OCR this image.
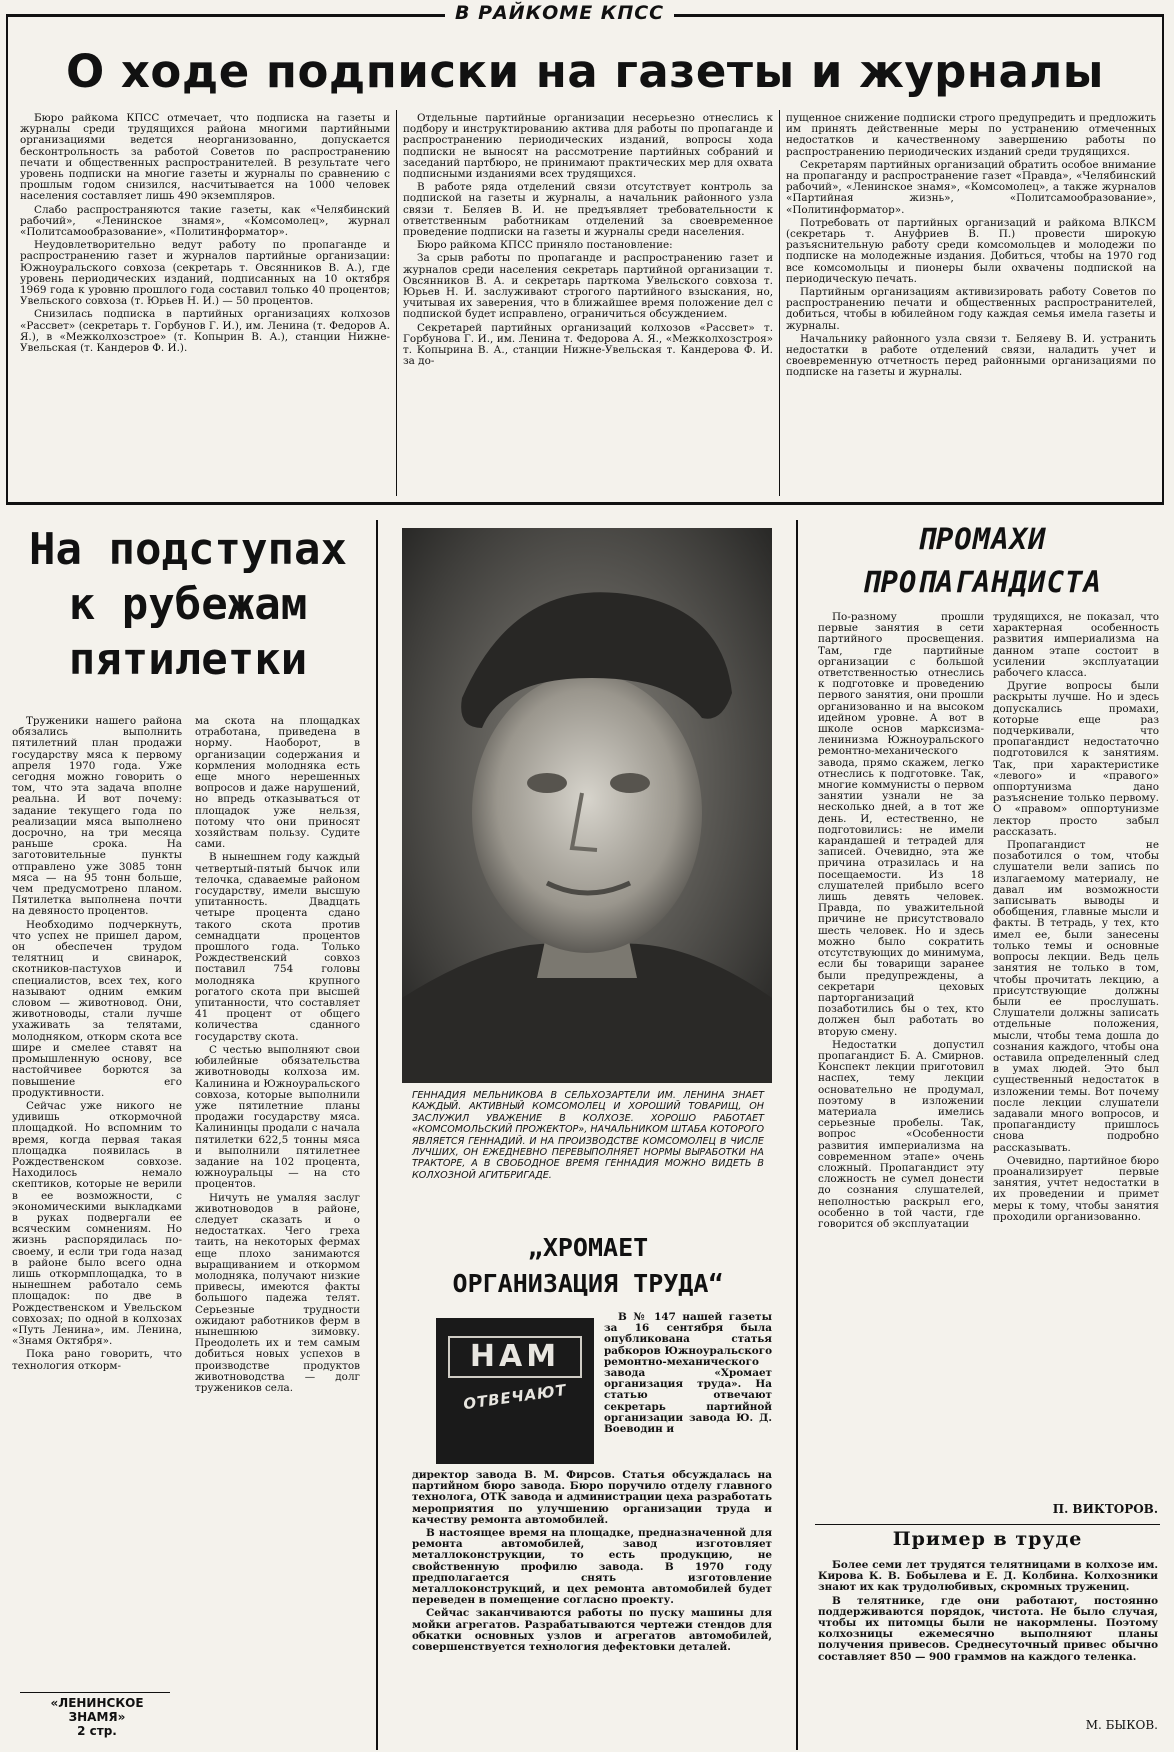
В РАЙКОМЕ КПСС
О ходе подписки на газеты и журналы

Бюро райкома КПСС отмечает, что подписка на газеты и журналы среди трудящихся района многими партийными организациями ведется неорганизованно, допускается бесконтрольность за работой Советов по распространению печати и общественных распространителей. В результате чего уровень подписки на многие газеты и журналы по сравнению с прошлым годом снизился, насчитывается на 1000 человек населения составляет лишь 490 экземпляров.

Слабо распространяются такие газеты, как «Челябинский рабочий», «Ленинское знамя», «Комсомолец», журнал «Политсамообразование», «Политинформатор».

Неудовлетворительно ведут работу по пропаганде и распространению газет и журналов партийные организации: Южноуральского совхоза (секретарь т. Овсянников В. А.), где уровень периодических изданий, подписанных на 10 октября 1969 года к уровню прошлого года составил только 40 процентов; Увельского совхоза (т. Юрьев Н. И.) — 50 процентов.

Снизилась подписка в партийных организациях колхозов «Рассвет» (секретарь т. Горбунов Г. И.), им. Ленина (т. Федоров А. Я.), в «Межколхозстрое» (т. Копырин В. А.), станции Нижне-Увельская (т. Кандеров Ф. И.).

Отдельные партийные организации несерьезно отнеслись к подбору и инструктированию актива для работы по пропаганде и распространению периодических изданий, вопросы хода подписки не выносят на рассмотрение партийных собраний и заседаний партбюро, не принимают практических мер для охвата подписными изданиями всех трудящихся.

В работе ряда отделений связи отсутствует контроль за подпиской на газеты и журналы, а начальник районного узла связи т. Беляев В. И. не предъявляет требовательности к ответственным работникам отделений за своевременное проведение подписки на газеты и журналы среди населения.

Бюро райкома КПСС приняло постановление:

За срыв работы по пропаганде и распространению газет и журналов среди населения секретарь партийной организации т. Овсянников В. А. и секретарь парткома Увельского совхоза т. Юрьев Н. И. заслуживают строгого партийного взыскания, но, учитывая их заверения, что в ближайшее время положение дел с подпиской будет исправлено, ограничиться обсуждением.

Секретарей партийных организаций колхозов «Рассвет» т. Горбунова Г. И., им. Ленина т. Федорова А. Я., «Межколхозстроя» т. Копырина В. А., станции Нижне-Увельская т. Кандерова Ф. И. за до-

пущенное снижение подписки строго предупредить и предложить им принять действенные меры по устранению отмеченных недостатков и качественному завершению работы по распространению периодических изданий среди трудящихся.

Секретарям партийных организаций обратить особое внимание на пропаганду и распространение газет «Правда», «Челябинский рабочий», «Ленинское знамя», «Комсомолец», а также журналов «Партийная жизнь», «Политсамообразование», «Политинформатор».

Потребовать от партийных организаций и райкома ВЛКСМ (секретарь т. Ануфриев В. П.) провести широкую разъяснительную работу среди комсомольцев и молодежи по подписке на молодежные издания. Добиться, чтобы на 1970 год все комсомольцы и пионеры были охвачены подпиской на периодическую печать.

Партийным организациям активизировать работу Советов по распространению печати и общественных распространителей, добиться, чтобы в юбилейном году каждая семья имела газеты и журналы.

Начальнику районного узла связи т. Беляеву В. И. устранить недостатки в работе отделений связи, наладить учет и своевременную отчетность перед районными организациями по подписке на газеты и журналы.

На подступах
к рубежам
пятилетки

Труженики нашего района обязались выполнить пятилетний план продажи государству мяса к первому апреля 1970 года. Уже сегодня можно говорить о том, что эта задача вполне реальна. И вот почему: задание текущего года по реализации мяса выполнено досрочно, на три месяца раньше срока. На заготовительные пункты отправлено уже 3085 тонн мяса — на 95 тонн больше, чем предусмотрено планом. Пятилетка выполнена почти на девяносто процентов.

Необходимо подчеркнуть, что успех не пришел даром, он обеспечен трудом телятниц и свинарок, скотников-пастухов и специалистов, всех тех, кого называют одним емким словом — животновод. Они, животноводы, стали лучше ухаживать за телятами, молодняком, откорм скота все шире и смелее ставят на промышленную основу, все настойчивее борются за повышение его продуктивности.

Сейчас уже никого не удивишь откормочной площадкой. Но вспомним то время, когда первая такая площадка появилась в Рождественском совхозе. Находилось немало скептиков, которые не верили в ее возможности, с экономическими выкладками в руках подвергали ее всяческим сомнениям. Но жизнь распорядилась по-своему, и если три года назад в районе было всего одна лишь откормплощадка, то в нынешнем работало семь площадок: по две в Рождественском и Увельском совхозах; по одной в колхозах «Путь Ленина», им. Ленина, «Знамя Октября».

Пока рано говорить, что технология откорм-

ма скота на площадках отработана, приведена в норму. Наоборот, в организации содержания и кормления молодняка есть еще много нерешенных вопросов и даже нарушений, но впредь отказываться от площадок уже нельзя, потому что они приносят хозяйствам пользу. Судите сами.

В нынешнем году каждый четвертый-пятый бычок или телочка, сдаваемые районом государству, имели высшую упитанность. Двадцать четыре процента сдано такого скота против семнадцати процентов прошлого года. Только Рождественский совхоз поставил 754 головы молодняка крупного рогатого скота при высшей упитанности, что составляет 41 процент от общего количества сданного государству скота.

С честью выполняют свои юбилейные обязательства животноводы колхоза им. Калинина и Южноуральского совхоза, которые выполнили уже пятилетние планы продажи государству мяса. Калининцы продали с начала пятилетки 622,5 тонны мяса и выполнили пятилетнее задание на 102 процента, южноуральцы — на сто процентов.

Ничуть не умаляя заслуг животноводов в районе, следует сказать и о недостатках. Чего греха таить, на некоторых фермах еще плохо занимаются выращиванием и откормом молодняка, получают низкие привесы, имеются факты большого падежа телят. Серьезные трудности ожидают работников ферм в нынешнюю зимовку. Преодолеть их и тем самым добиться новых успехов в производстве продуктов животноводства — долг тружеников села.

«ЛЕНИНСКОЕ
ЗНАМЯ»
2 стр.
ГЕННАДИЯ МЕЛЬНИКОВА В СЕЛЬХОЗАРТЕЛИ ИМ. ЛЕНИНА ЗНАЕТ КАЖДЫЙ. АКТИВНЫЙ КОМСОМОЛЕЦ И ХОРОШИЙ ТОВАРИЩ, ОН ЗАСЛУЖИЛ УВАЖЕНИЕ В КОЛХОЗЕ. ХОРОШО РАБОТАЕТ «КОМСОМОЛЬСКИЙ ПРОЖЕКТОР», НАЧАЛЬНИКОМ ШТАБА КОТОРОГО ЯВЛЯЕТСЯ ГЕННАДИЙ. И НА ПРОИЗВОДСТВЕ КОМСОМОЛЕЦ В ЧИСЛЕ ЛУЧШИХ, ОН ЕЖЕДНЕВНО ПЕРЕВЫПОЛНЯЕТ НОРМЫ ВЫРАБОТКИ НА ТРАКТОРЕ, А В СВОБОДНОЕ ВРЕМЯ ГЕННАДИЯ МОЖНО ВИДЕТЬ В КОЛХОЗНОЙ АГИТБРИГАДЕ.
„ХРОМАЕТ
ОРГАНИЗАЦИЯ ТРУДА“
НАМ
ОТВЕЧАЮТ

В № 147 нашей газеты за 16 сентября была опубликована статья рабкоров Южноуральского ремонтно-механического завода «Хромает организация труда». На статью отвечают секретарь партийной организации завода Ю. Д. Воеводин и

директор завода В. М. Фирсов. Статья обсуждалась на партийном бюро завода. Бюро поручило отделу главного технолога, ОТК завода и администрации цеха разработать мероприятия по улучшению организации труда и качеству ремонта автомобилей.

В настоящее время на площадке, предназначенной для ремонта автомобилей, завод изготовляет металлоконструкции, то есть продукцию, не свойственную профилю завода. В 1970 году предполагается снять изготовление металлоконструкций, и цех ремонта автомобилей будет переведен в помещение согласно проекту.

Сейчас заканчиваются работы по пуску машины для мойки агрегатов. Разрабатываются чертежи стендов для обкатки основных узлов и агрегатов автомобилей, совершенствуется технология дефектовки деталей.

ПРОМАХИ
ПРОПАГАНДИСТА

По-разному прошли первые занятия в сети партийного просвещения. Там, где партийные организации с большой ответственностью отнеслись к подготовке и проведению первого занятия, они прошли организованно и на высоком идейном уровне. А вот в школе основ марксизма-ленинизма Южноуральского ремонтно-механического завода, прямо скажем, легко отнеслись к подготовке. Так, многие коммунисты о первом занятии узнали не за несколько дней, а в тот же день. И, естественно, не подготовились: не имели карандашей и тетрадей для записей. Очевидно, эта же причина отразилась и на посещаемости. Из 18 слушателей прибыло всего лишь девять человек. Правда, по уважительной причине не присутствовало шесть человек. Но и здесь можно было сократить отсутствующих до минимума, если бы товарищи заранее были предупреждены, а секретари цеховых парторганизаций позаботились бы о тех, кто должен был работать во вторую смену.

Недостатки допустил пропагандист Б. А. Смирнов. Конспект лекции приготовил наспех, тему лекции основательно не продумал, поэтому в изложении материала имелись серьезные пробелы. Так, вопрос «Особенности развития империализма на современном этапе» очень сложный. Пропагандист эту сложность не сумел донести до сознания слушателей, неполностью раскрыл его, особенно в той части, где говорится об эксплуатации

трудящихся, не показал, что характерная особенность развития империализма на данном этапе состоит в усилении эксплуатации рабочего класса.

Другие вопросы были раскрыты лучше. Но и здесь допускались промахи, которые еще раз подчеркивали, что пропагандист недостаточно подготовился к занятиям. Так, при характеристике «левого» и «правого» оппортунизма дано разъяснение только первому. О «правом» оппортунизме лектор просто забыл рассказать.

Пропагандист не позаботился о том, чтобы слушатели вели запись по излагаемому материалу, не давал им возможности записывать выводы и обобщения, главные мысли и факты. В тетрадь, у тех, кто имел ее, были занесены только темы и основные вопросы лекции. Ведь цель занятия не только в том, чтобы прочитать лекцию, а присутствующие должны были ее прослушать. Слушатели должны записать отдельные положения, мысли, чтобы тема дошла до сознания каждого, чтобы она оставила определенный след в умах людей. Это был существенный недостаток в изложении темы. Вот почему после лекции слушатели задавали много вопросов, и пропагандисту пришлось снова подробно рассказывать.

Очевидно, партийное бюро проанализирует первые занятия, учтет недостатки в их проведении и примет меры к тому, чтобы занятия проходили организованно.

П. ВИКТОРОВ.
Пример в труде

Более семи лет трудятся телятницами в колхозе им. Кирова К. В. Бобылева и Е. Д. Колбина. Колхозники знают их как трудолюбивых, скромных тружениц.

В телятнике, где они работают, постоянно поддерживаются порядок, чистота. Не было случая, чтобы их питомцы были не накормлены. Поэтому колхозницы ежемесячно выполняют планы получения привесов. Среднесуточный привес обычно составляет 850 — 900 граммов на каждого теленка.

М. БЫКОВ.
